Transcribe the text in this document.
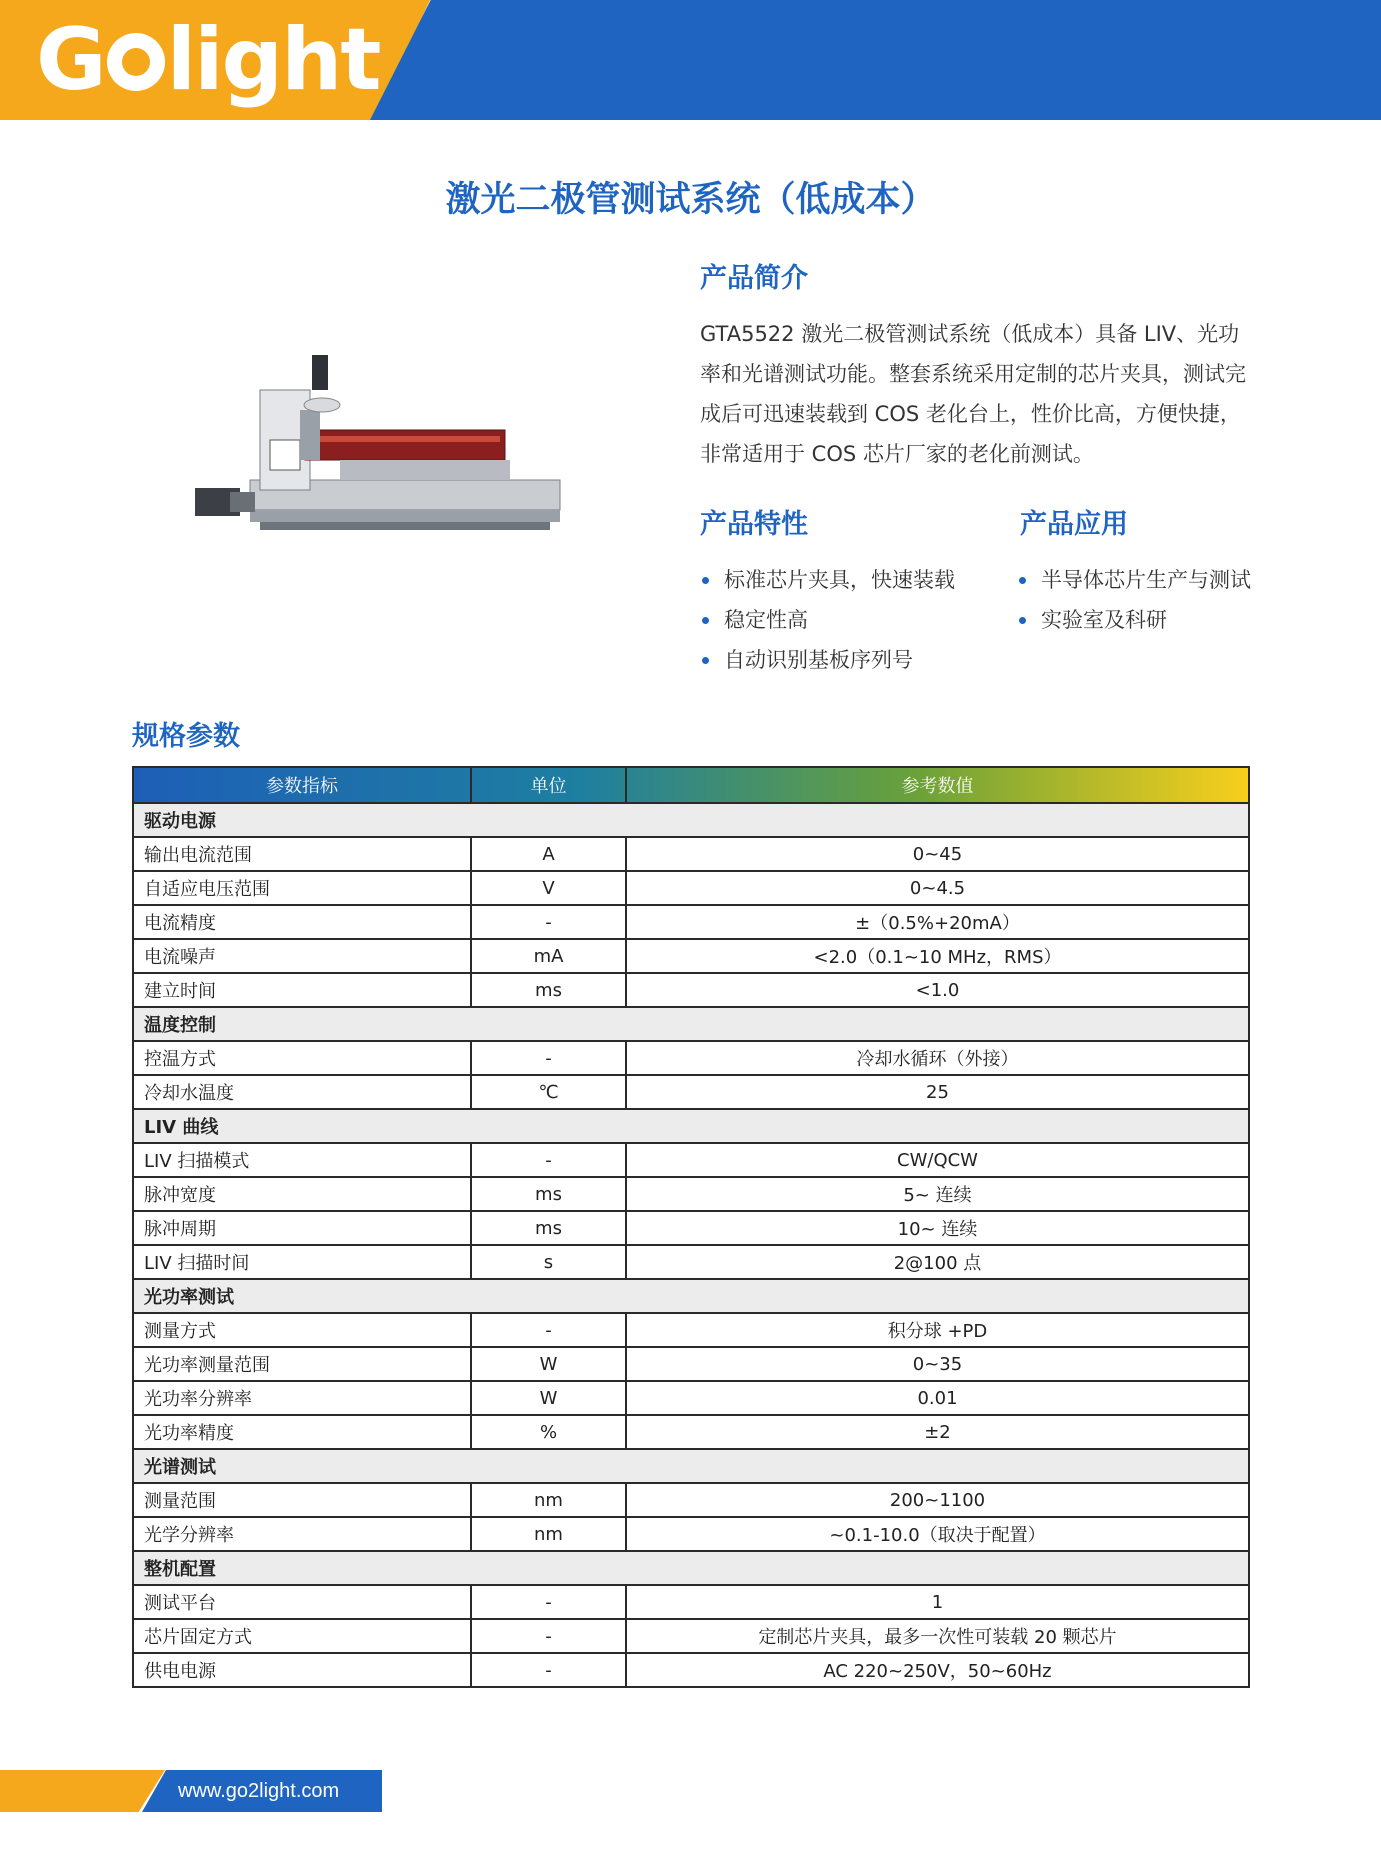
G light
激光二极管测试系统（低成本）
产品简介
GTA5522 激光二极管测试系统（低成本）具备 LIV、光功率和光谱测试功能。整套系统采用定制的芯片夹具，测试完成后可迅速装载到 COS 老化台上，性价比高，方便快捷，非常适用于 COS 芯片厂家的老化前测试。
产品特性
标准芯片夹具，快速装载
稳定性高
自动识别基板序列号
产品应用
半导体芯片生产与测试
实验室及科研
规格参数
参数指标	单位	参考数值
驱动电源		
输出电流范围	A	0~45
自适应电压范围	V	0~4.5
电流精度	-	±（0.5%+20mA）
电流噪声	mA	<2.0（0.1~10 MHz，RMS）
建立时间	ms	<1.0
温度控制		
控温方式	-	冷却水循环（外接）
冷却水温度	℃	25
LIV 曲线		
LIV 扫描模式	-	CW/QCW
脉冲宽度	ms	5~ 连续
脉冲周期	ms	10~ 连续
LIV 扫描时间	s	2@100 点
光功率测试		
测量方式	-	积分球 +PD
光功率测量范围	W	0~35
光功率分辨率	W	0.01
光功率精度	%	±2
光谱测试		
测量范围	nm	200~1100
光学分辨率	nm	~0.1-10.0（取决于配置）
整机配置		
测试平台	-	1
芯片固定方式	-	定制芯片夹具，最多一次性可装载 20 颗芯片
供电电源	-	AC 220~250V，50~60Hz
www.go2light.com
